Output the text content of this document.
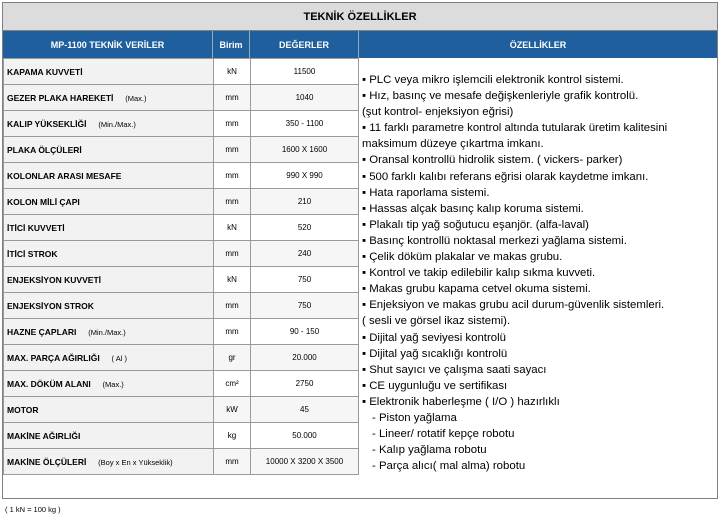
TEKNİK ÖZELLİKLER
MP-1100 TEKNİK VERİLER	Birim	DEĞERLER	ÖZELLİKLER
KAPAMA KUVVETİ	kN	11500
GEZER PLAKA HAREKETİ (Max.)	mm	1040
KALIP YÜKSEKLİĞİ (Min./Max.)	mm	350 - 1100
PLAKA ÖLÇÜLERİ	mm	1600 X 1600
KOLONLAR ARASI MESAFE	mm	990 X 990
KOLON MİLİ ÇAPI	mm	210
İTİCİ KUVVETİ	kN	520
İTİCİ STROK	mm	240
ENJEKSİYON KUVVETİ	kN	750
ENJEKSİYON STROK	mm	750
HAZNE ÇAPLARI (Min./Max.)	mm	90 - 150
MAX. PARÇA AĞIRLIĞI ( Al )	gr	20.000
MAX. DÖKÜM ALANI (Max.)	cm²	2750
MOTOR	kW	45
MAKİNE AĞIRLIĞI	kg	50.000
MAKİNE ÖLÇÜLERİ (Boy x En x Yükseklik)	mm	10000 X 3200 X 3500
▪ PLC veya mikro işlemcili elektronik kontrol sistemi.
▪ Hız, basınç ve mesafe değişkenleriyle grafik kontrolü.
(şut kontrol- enjeksiyon eğrisi)
▪ 11 farklı parametre kontrol altında tutularak üretim kalitesini
maksimum düzeye çıkartma imkanı.
▪ Oransal kontrollü hidrolik sistem. ( vickers- parker)
▪ 500 farklı kalıbı referans eğrisi olarak kaydetme imkanı.
▪ Hata raporlama sistemi.
▪ Hassas alçak basınç kalıp koruma sistemi.
▪ Plakalı tip yağ soğutucu eşanjör. (alfa-laval)
▪ Basınç kontrollü noktasal merkezi yağlama sistemi.
▪ Çelik döküm plakalar ve makas grubu.
▪ Kontrol ve takip edilebilir kalıp sıkma kuvveti.
▪ Makas grubu kapama cetvel okuma sistemi.
▪ Enjeksiyon ve makas grubu acil durum-güvenlik sistemleri.
( sesli ve görsel ikaz sistemi).
▪ Dijital yağ seviyesi kontrolü
▪ Dijital yağ sıcaklığı kontrolü
▪ Shut sayıcı ve çalışma saati sayacı
▪ CE uygunluğu ve sertifikası
▪ Elektronik haberleşme ( I/O ) hazırlıklı
- Piston yağlama
- Lineer/ rotatif kepçe robotu
- Kalıp yağlama robotu
- Parça alıcı( mal alma) robotu
( 1 kN = 100 kg )
